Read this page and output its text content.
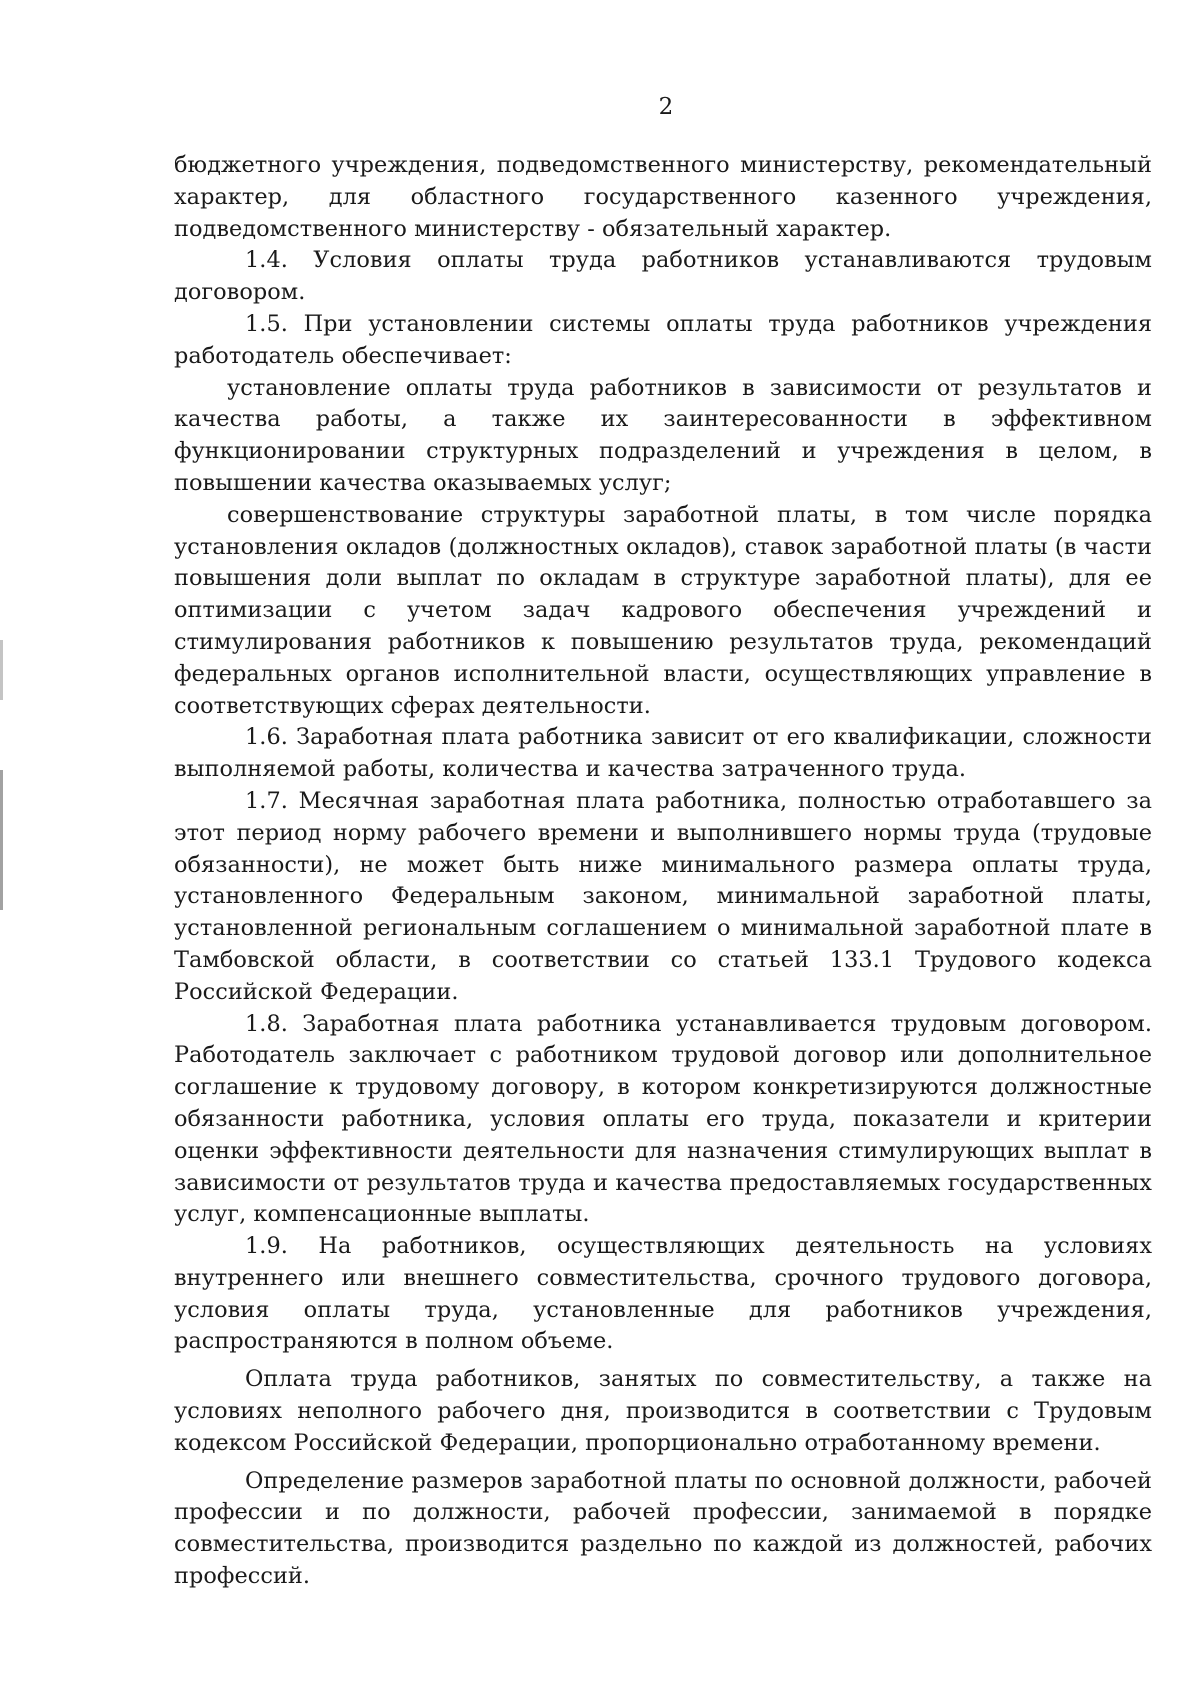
2

бюджетного учреждения, подведомственного министерству, рекомендательный характер, для областного государственного казенного учреждения, подведомственного министерству - обязательный характер.

1.4. Условия оплаты труда работников устанавливаются трудовым договором.

1.5. При установлении системы оплаты труда работников учреждения работодатель обеспечивает:

установление оплаты труда работников в зависимости от результатов и качества работы, а также их заинтересованности в эффективном функционировании структурных подразделений и учреждения в целом, в повышении качества оказываемых услуг;

совершенствование структуры заработной платы, в том числе порядка установления окладов (должностных окладов), ставок заработной платы (в части повышения доли выплат по окладам в структуре заработной платы), для ее оптимизации с учетом задач кадрового обеспечения учреждений и стимулирования работников к повышению результатов труда, рекомендаций федеральных органов исполнительной власти, осуществляющих управление в соответствующих сферах деятельности.

1.6. Заработная плата работника зависит от его квалификации, сложности выполняемой работы, количества и качества затраченного труда.

1.7. Месячная заработная плата работника, полностью отработавшего за этот период норму рабочего времени и выполнившего нормы труда (трудовые обязанности), не может быть ниже минимального размера оплаты труда, установленного Федеральным законом, минимальной заработной платы, установленной региональным соглашением о минимальной заработной плате в Тамбовской области, в соответствии со статьей 133.1 Трудового кодекса Российской Федерации.

1.8. Заработная плата работника устанавливается трудовым договором. Работодатель заключает с работником трудовой договор или дополнительное соглашение к трудовому договору, в котором конкретизируются должностные обязанности работника, условия оплаты его труда, показатели и критерии оценки эффективности деятельности для назначения стимулирующих выплат в зависимости от результатов труда и качества предоставляемых государственных услуг, компенсационные выплаты.

1.9. На работников, осуществляющих деятельность на условиях внутреннего или внешнего совместительства, срочного трудового договора, условия оплаты труда, установленные для работников учреждения, распространяются в полном объеме.

Оплата труда работников, занятых по совместительству, а также на условиях неполного рабочего дня, производится в соответствии с Трудовым кодексом Российской Федерации, пропорционально отработанному времени.

Определение размеров заработной платы по основной должности, рабочей профессии и по должности, рабочей профессии, занимаемой в порядке совместительства, производится раздельно по каждой из должностей, рабочих профессий.
